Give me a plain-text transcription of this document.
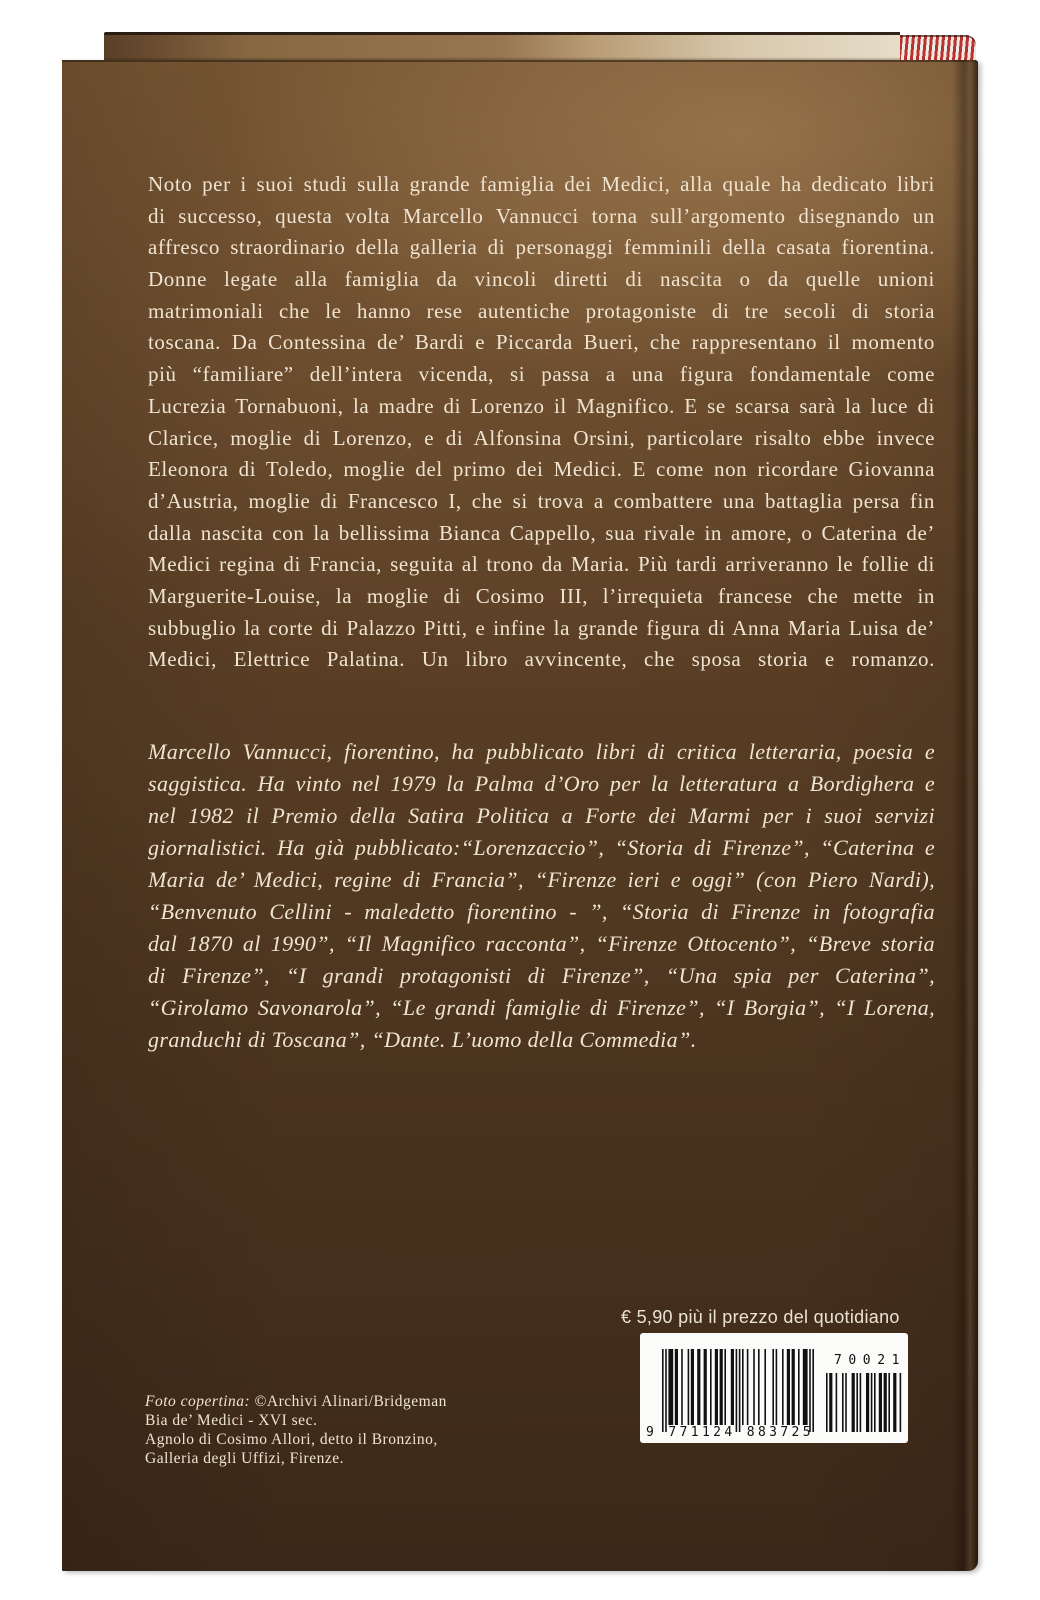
Noto per i suoi studi sulla grande famiglia dei Medici, alla quale ha dedicato libri
di successo, questa volta Marcello Vannucci torna sull’argomento disegnando un
affresco straordinario della galleria di personaggi femminili della casata fiorentina.
Donne legate alla famiglia da vincoli diretti di nascita o da quelle unioni
matrimoniali che le hanno rese autentiche protagoniste di tre secoli di storia
toscana. Da Contessina de’ Bardi e Piccarda Bueri, che rappresentano il momento
più “familiare” dell’intera vicenda, si passa a una figura fondamentale come
Lucrezia Tornabuoni, la madre di Lorenzo il Magnifico. E se scarsa sarà la luce di
Clarice, moglie di Lorenzo, e di Alfonsina Orsini, particolare risalto ebbe invece
Eleonora di Toledo, moglie del primo dei Medici. E come non ricordare Giovanna
d’Austria, moglie di Francesco I, che si trova a combattere una battaglia persa fin
dalla nascita con la bellissima Bianca Cappello, sua rivale in amore, o Caterina de’
Medici regina di Francia, seguita al trono da Maria. Più tardi arriveranno le follie di
Marguerite-Louise, la moglie di Cosimo III, l’irrequieta francese che mette in
subbuglio la corte di Palazzo Pitti, e infine la grande figura di Anna Maria Luisa de’
Medici, Elettrice Palatina. Un libro avvincente, che sposa storia e romanzo.
Marcello Vannucci, fiorentino, ha pubblicato libri di critica letteraria, poesia e
saggistica. Ha vinto nel 1979 la Palma d’Oro per la letteratura a Bordighera e
nel 1982 il Premio della Satira Politica a Forte dei Marmi per i suoi servizi
giornalistici. Ha già pubblicato:“Lorenzaccio”, “Storia di Firenze”, “Caterina e
Maria de’ Medici, regine di Francia”, “Firenze ieri e oggi” (con Piero Nardi),
“Benvenuto Cellini - maledetto fiorentino - ”, “Storia di Firenze in fotografia
dal 1870 al 1990”, “Il Magnifico racconta”, “Firenze Ottocento”, “Breve storia
di Firenze”, “I grandi protagonisti di Firenze”, “Una spia per Caterina”,
“Girolamo Savonarola”, “Le grandi famiglie di Firenze”, “I Borgia”, “I Lorena,
granduchi di Toscana”, “Dante. L’uomo della Commedia”.
Foto copertina: ©Archivi Alinari/Bridgeman
Bia de’ Medici - XVI sec.
Agnolo di Cosimo Allori, detto il Bronzino,
Galleria degli Uffizi, Firenze.
€ 5,90 più il prezzo del quotidiano
70021
9 771124 883725
